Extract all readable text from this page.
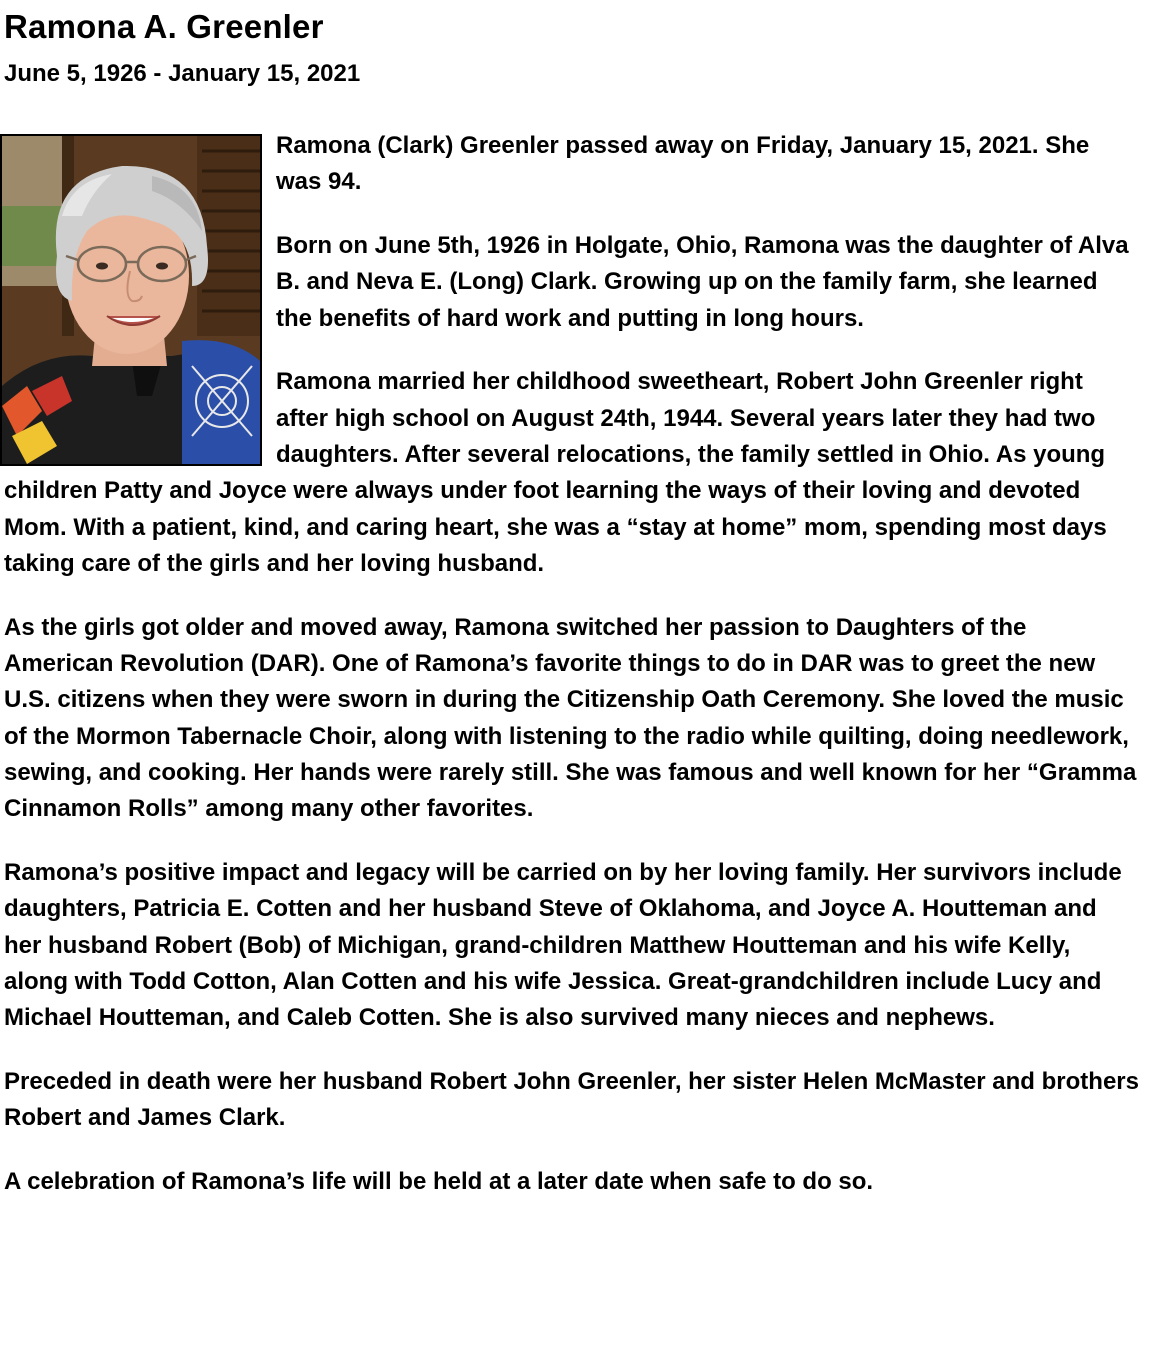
Ramona A. Greenler
June 5, 1926 - January 15, 2021

Ramona (Clark) Greenler passed away on Friday, January 15, 2021. She was 94.

Born on June 5th, 1926 in Holgate, Ohio, Ramona was the daughter of Alva B. and Neva E. (Long) Clark. Growing up on the family farm, she learned the benefits of hard work and putting in long hours.

Ramona married her childhood sweetheart, Robert John Greenler right after high school on August 24th, 1944. Several years later they had two daughters. After several relocations, the family settled in Ohio. As young children Patty and Joyce were always under foot learning the ways of their loving and devoted Mom. With a patient, kind, and caring heart, she was a “stay at home” mom, spending most days taking care of the girls and her loving husband.

As the girls got older and moved away, Ramona switched her passion to Daughters of the American Revolution (DAR). One of Ramona’s favorite things to do in DAR was to greet the new U.S. citizens when they were sworn in during the Citizenship Oath Ceremony. She loved the music of the Mormon Tabernacle Choir, along with listening to the radio while quilting, doing needlework, sewing, and cooking. Her hands were rarely still. She was famous and well known for her “Gramma Cinnamon Rolls” among many other favorites.

Ramona’s positive impact and legacy will be carried on by her loving family. Her survivors include daughters, Patricia E. Cotten and her husband Steve of Oklahoma, and Joyce A. Houtteman and her husband Robert (Bob) of Michigan, grand-children Matthew Houtteman and his wife Kelly, along with Todd Cotton, Alan Cotten and his wife Jessica. Great-grandchildren include Lucy and Michael Houtteman, and Caleb Cotten. She is also survived many nieces and nephews.

Preceded in death were her husband Robert John Greenler, her sister Helen McMaster and brothers Robert and James Clark.

A celebration of Ramona’s life will be held at a later date when safe to do so.
